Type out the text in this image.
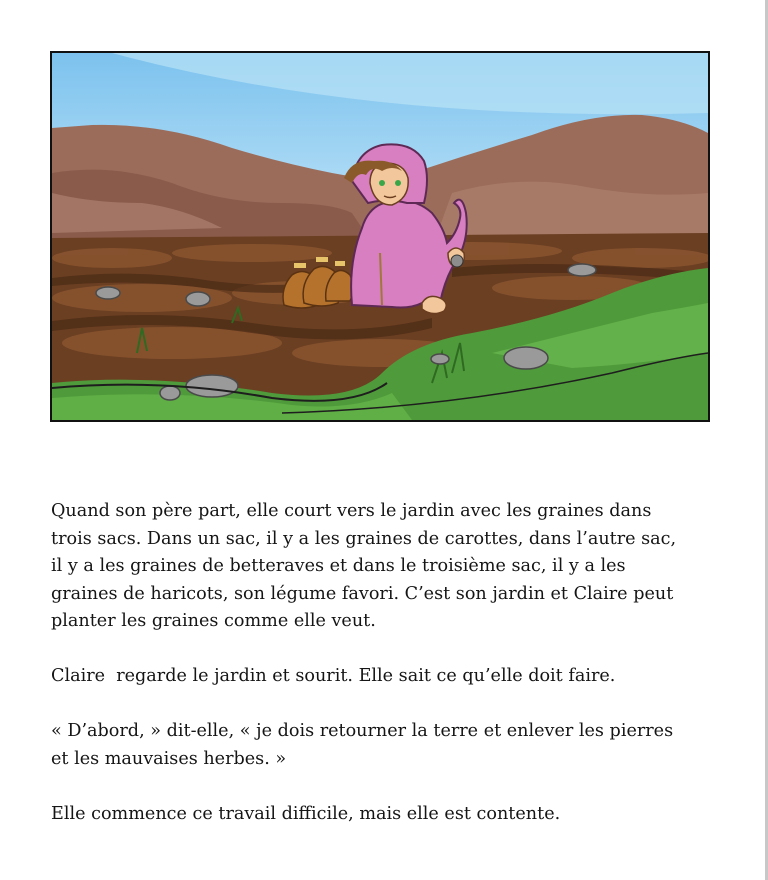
Quand son père part, elle court vers le jardin avec les graines dans trois sacs. Dans un sac, il y a les graines de carottes, dans l’autre sac, il y a les graines de betteraves et dans le troisième sac, il y a les graines de haricots, son légume favori. C’est son jardin et Claire peut planter les graines comme elle veut.

Claire  regarde le jardin et sourit. Elle sait ce qu’elle doit faire.

« D’abord, » dit-elle, « je dois retourner la terre et enlever les pierres et les mauvaises herbes. »

Elle commence ce travail difficile, mais elle est contente.
